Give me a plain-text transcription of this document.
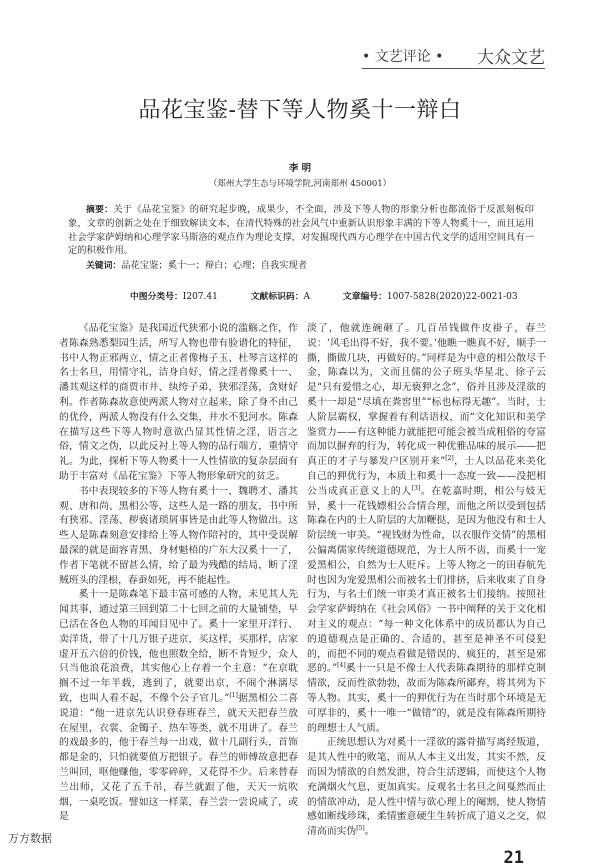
• 文艺评论 • 大众文艺
品花宝鉴-替下等人物奚十一辩白
李 明
（郑州大学生态与环境学院,河南郑州 450001）
摘要：关于《品花宝鉴》的研究起步晚，成果少，不全面，涉及下等人物的形象分析也都流俗于反派刻板印象，文章的创新之处在于细致解读文本，在清代特殊的社会风气中重新认识形象丰满的下等人物奚十一，而且运用社会学家萨姆纳和心理学家马斯洛的观点作为理论支撑，对发掘现代西方心理学在中国古代文学的适用空间具有一定的积极作用。
关键词：品花宝鉴；奚十一；辩白；心理；自我实现者
中图分类号：I207.41	文献标识码：A	文章编号：1007-5828(2020)22-0021-03

《品花宝鉴》是我国近代狭邪小说的滥觞之作，作者陈森熟悉梨园生活，所写人物也带有脸谱化的特征，书中人物正邪两立，情之正者像梅子玉、杜琴言这样的名士名旦，用情守礼，洁身自好，情之淫者像奚十一、潘其观这样的商贾市井、纨绔子弟，狭邪淫荡，贪财好利。作者陈森故意使两派人物对立起来，除了身不由己的优伶，两派人物没有什么交集，井水不犯河水。陈森在描写这些下等人物时意欲凸显其性情之淫，语言之俗，情文之伪，以此反衬上等人物的品行端方，重情守礼。为此，探析下等人物奚十一人性情欲的复杂层面有助于丰富对《品花宝鉴》下等人物形象研究的贫乏。

书中表现较多的下等人物有奚十一、魏聘才、潘其观、唐和尚、黑相公等，这些人是一路的朋友，书中所有狭邪、淫荡、秽亵诸琐屑事皆是由此等人物做出。这些人是陈森刻意安排给上等人物作陪衬的，其中受误解最深的就是面容青黑、身材魁梧的广东大汉奚十一了，作者下笔就不留甚么情，给了最为残酷的结局，断了淫贼班头的淫根，春蚕如死，再不能起性。

奚十一是陈森笔下最丰富可感的人物，未见其人先闻其事，通过第三回到第二十七回之前的大量铺垫，早已活在各色人物的耳闻目见中了。奚十一家里开洋行、卖洋货，带了十几万银子进京，买这样，买那样，店家虚开五六倍的价钱，他也照数全给，断不肯短少，众人只当他浪花浪费，其实他心上存着一个主意：“在京耽搁不过一年半载，逃到了，就要出京，不闹个淋漓尽致，也叫人看不起，不像个公子官儿。”[1]据黑相公二喜说道：“他一进京先认识登春班春兰，就天天把春兰放在屋里，衣裳、金镯子、热车等类，就不用讲了。春兰的戏最多的，他于春兰每一出戏，做十几副行头，首饰都是金的，只怕就要值万把银子。春兰的师傅故意把春兰叫回，呕他赚他，零零碎碎，又花得不少。后来替春兰出师，又花了五千吊，春兰就跟了他，天天一炕吹烟，一桌吃饭。譬如这一样菜，春兰尝一尝说咸了，或是

淡了，他就连碗砸了。几百吊钱做件皮褂子，春兰说：‘风毛出得不好，我不要。’他瞧一瞧真不好，顺手一撕，撕做几块，再做好的。”同样是为中意的相公散尽千金，陈森以为，文而且儒的公子班头华星北、徐子云是“只有爱惜之心，却无亵狎之念”，俗并且涉及淫欲的奚十一却是“尽填在粪窖里”“标也标得无趣”。当时，士人阶层霸权，掌握着有利话语权，而“文化知识和美学鉴赏力——有这种能力就能把可能会被当成粗俗的夸富而加以摒弃的行为，转化成一种优雅品味的展示——把真正的才子与暴发户区别开来”[2]，士人以品花来美化自己的狎优行为，本质上和奚十一态度一致——没把相公当成真正意义上的人[3]。在乾嘉时期，相公与妓无异，奚十一花钱嫖相公合情合理，而他之所以受到包括陈森在内的士人阶层的大加鞭挞，是因为他没有和士人阶层统一审美。“视钱财为性命，以衣服作交情”的黑相公偏离儒家传统道德规范，为士人所不齿，而奚十一宠爱黑相公，自然为士人贬斥。上等人物之一的田春航先时也因为宠爱黑相公而被名士们排挤，后来收束了自身行为，与名士们统一审美才真正被名士们接纳。按照社会学家萨姆纳在《社会风俗》一书中阐释的关于文化相对主义的观点：“每一种文化体系中的成员都认为自己的道德观点是正确的、合适的，甚至是神圣不可侵犯的，而把不同的观点看做是错误的、疯狂的，甚至是邪恶的。”[4]奚十一只是不像士人代表陈森期待的那样克制情欲，反而性欲勃勃，故而为陈森所鄙弃，将其列为下等人物。其实，奚十一的狎优行为在当时那个环境是无可厚非的，奚十一唯一“做错”的，就是没有陈森所期待的理想士人气质。

正统思想认为对奚十一淫欲的露骨描写离经叛道，是其人性中的败笔，而从人本主义出发，其实不然，反而因为情欲的自然发泄，符合生活逻辑，而使这个人物充满烟火气息，更加真实。反观名士名旦之间戛然而止的情欲冲动，是人性中情与欲心理上的阉割，使人物情感如断线珍珠，柔情蜜意硬生生转折成了道义之交，似清高而实伪[5]。

21
万方数据
